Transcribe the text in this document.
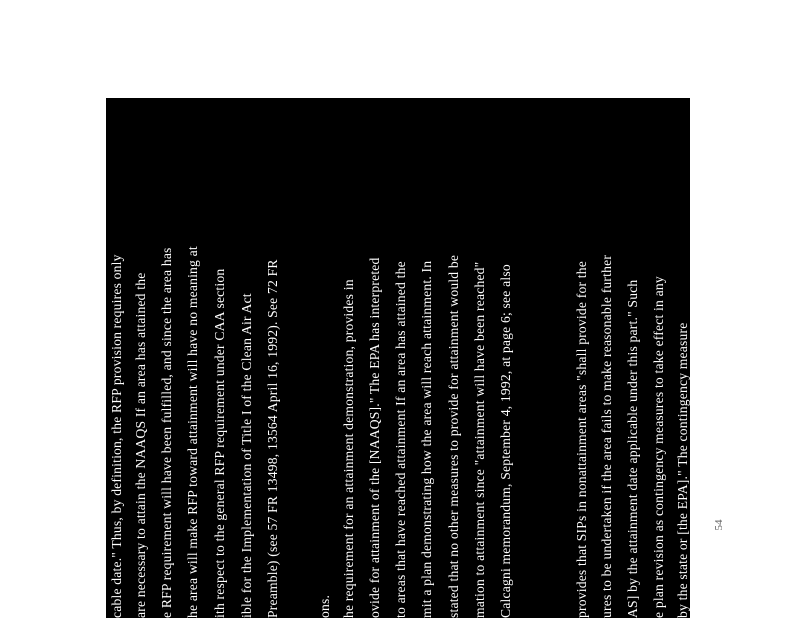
cable date." Thus, by definition, the RFP provision requires only are necessary to attain the NAAQS If an area has attained the e RFP requirement will have been fulfilled, and since the area has he area will make RFP toward attainment will have no meaning at ith respect to the general RFP requirement under CAA section ible for the Implementation of Title I of the Clean Air Act Preamble) (see 57 FR 13498, 13564 April 16, 1992). See 72 FR	ons. he requirement for an attainment demonstration, provides in ovide for attainment of the [NAAQS]." The EPA has interpreted to areas that have reached attainment If an area has attained the mit a plan demonstrating how the area will reach attainment. In stated that no other measures to provide for attainment would be mation to attainment since "attainment will have been reached" Calcagni memorandum, September 4, 1992, at page 6; see also	provides that SIPs in nonattainment areas "shall provide for the ures to be undertaken if the area fails to make reasonable further AS] by the attainment date applicable under this part." Such e plan revision as contingency measures to take effect in any by the state or [the EPA]." The contingency measure	54
